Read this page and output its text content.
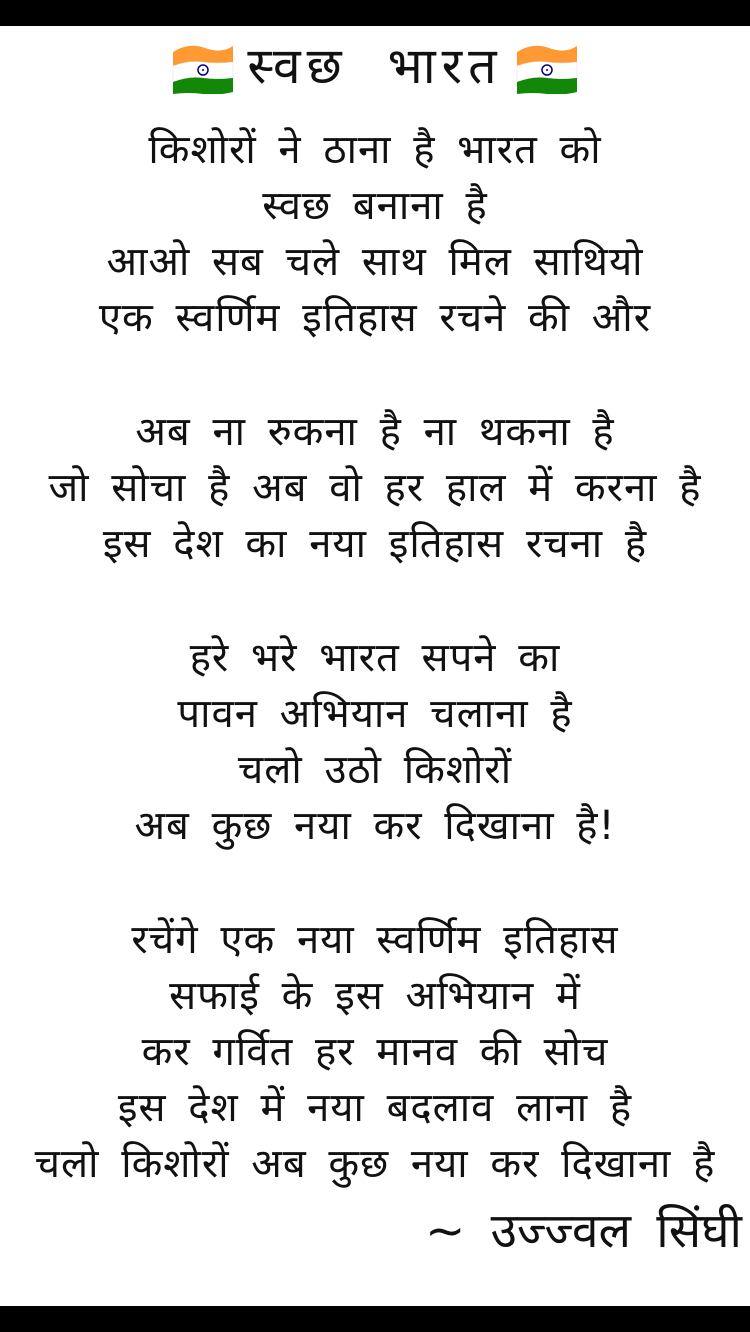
स्वछ भारत
किशोरों ने ठाना है भारत को
स्वछ बनाना है
आओ सब चले साथ मिल साथियो
एक स्वर्णिम इतिहास रचने की और
अब ना रुकना है ना थकना है
जो सोचा है अब वो हर हाल में करना है
इस देश का नया इतिहास रचना है
हरे भरे भारत सपने का
पावन अभियान चलाना है
चलो उठो किशोरों
अब कुछ नया कर दिखाना है!
रचेंगे एक नया स्वर्णिम इतिहास
सफाई के इस अभियान में
कर गर्वित हर मानव की सोच
इस देश में नया बदलाव लाना है
चलो किशोरों अब कुछ नया कर दिखाना है
~ उज्ज्वल सिंघी
